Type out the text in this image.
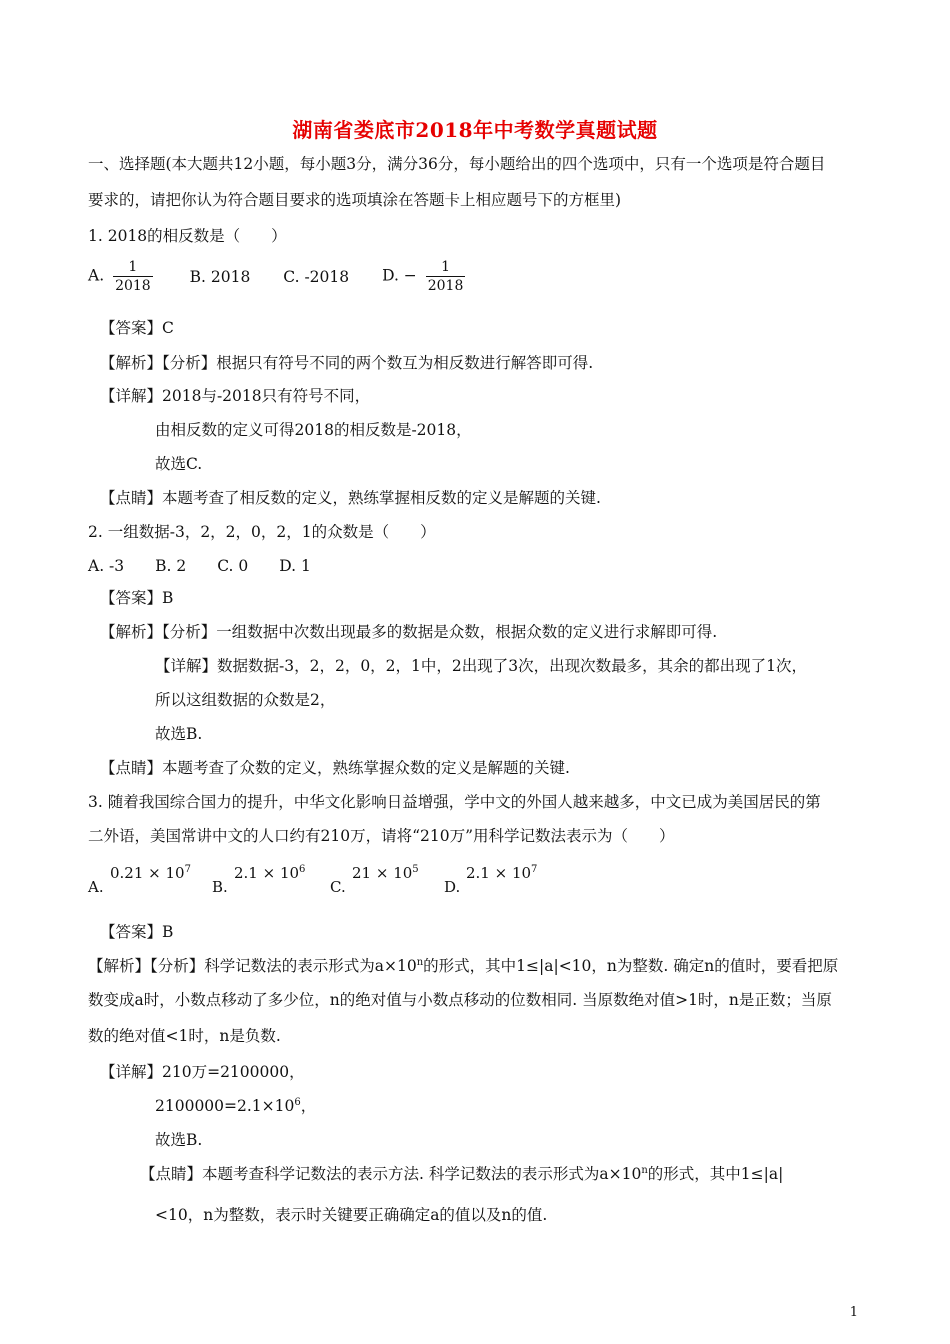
湖南省娄底市2018年中考数学真题试题
一、选择题(本大题共12小题，每小题3分，满分36分，每小题给出的四个选项中，只有一个选项是符合题目
要求的，请把你认为符合题目要求的选项填涂在答题卡上相应题号下的方框里)
1. 2018的相反数是（　　）
A. $\frac{1}{2018} B$. 2018 C. -2018 D. − $\frac{1}{2018}$
【答案】C
【解析】【分析】根据只有符号不同的两个数互为相反数进行解答即可得.
【详解】2018与-2018只有符号不同，
由相反数的定义可得2018的相反数是-2018，
故选C.
【点睛】本题考查了相反数的定义，熟练掌握相反数的定义是解题的关键.
2. 一组数据-3，2，2，0，2，1的众数是（　　）
A. -3　　B. 2　　C. 0　　D. 1
【答案】B
【解析】【分析】一组数据中次数出现最多的数据是众数，根据众数的定义进行求解即可得.
【详解】数据数据-3，2，2，0，2，1中，2出现了3次，出现次数最多，其余的都出现了1次，
所以这组数据的众数是2，
故选B.
【点睛】本题考查了众数的定义，熟练掌握众数的定义是解题的关键.
3. 随着我国综合国力的提升，中华文化影响日益增强，学中文的外国人越来越多，中文已成为美国居民的第
二外语，美国常讲中文的人口约有210万，请将“210万”用科学记数法表示为（　　）
A.
$0.21 \times 10^7$
B.
$2.1 \times 10^6$
C.
$21 \times 10^5$
D.
$2.1 \times 10^7$
【答案】B
【解析】【分析】科学记数法的表示形式为$a\times 10^n$的形式，其中1≤|a|<10，n为整数. 确定n的值时，要看把原
数变成a时，小数点移动了多少位，n的绝对值与小数点移动的位数相同. 当原数绝对值>1时，n是正数；当原
数的绝对值<1时，n是负数.
【详解】210万=2100000，
$2100000=2.1\times 10^6$，
故选B.
【点睛】本题考查科学记数法的表示方法. 科学记数法的表示形式为$a\times 10^n$的形式，其中1≤|a|
<10，n为整数，表示时关键要正确确定a的值以及n的值.
1
